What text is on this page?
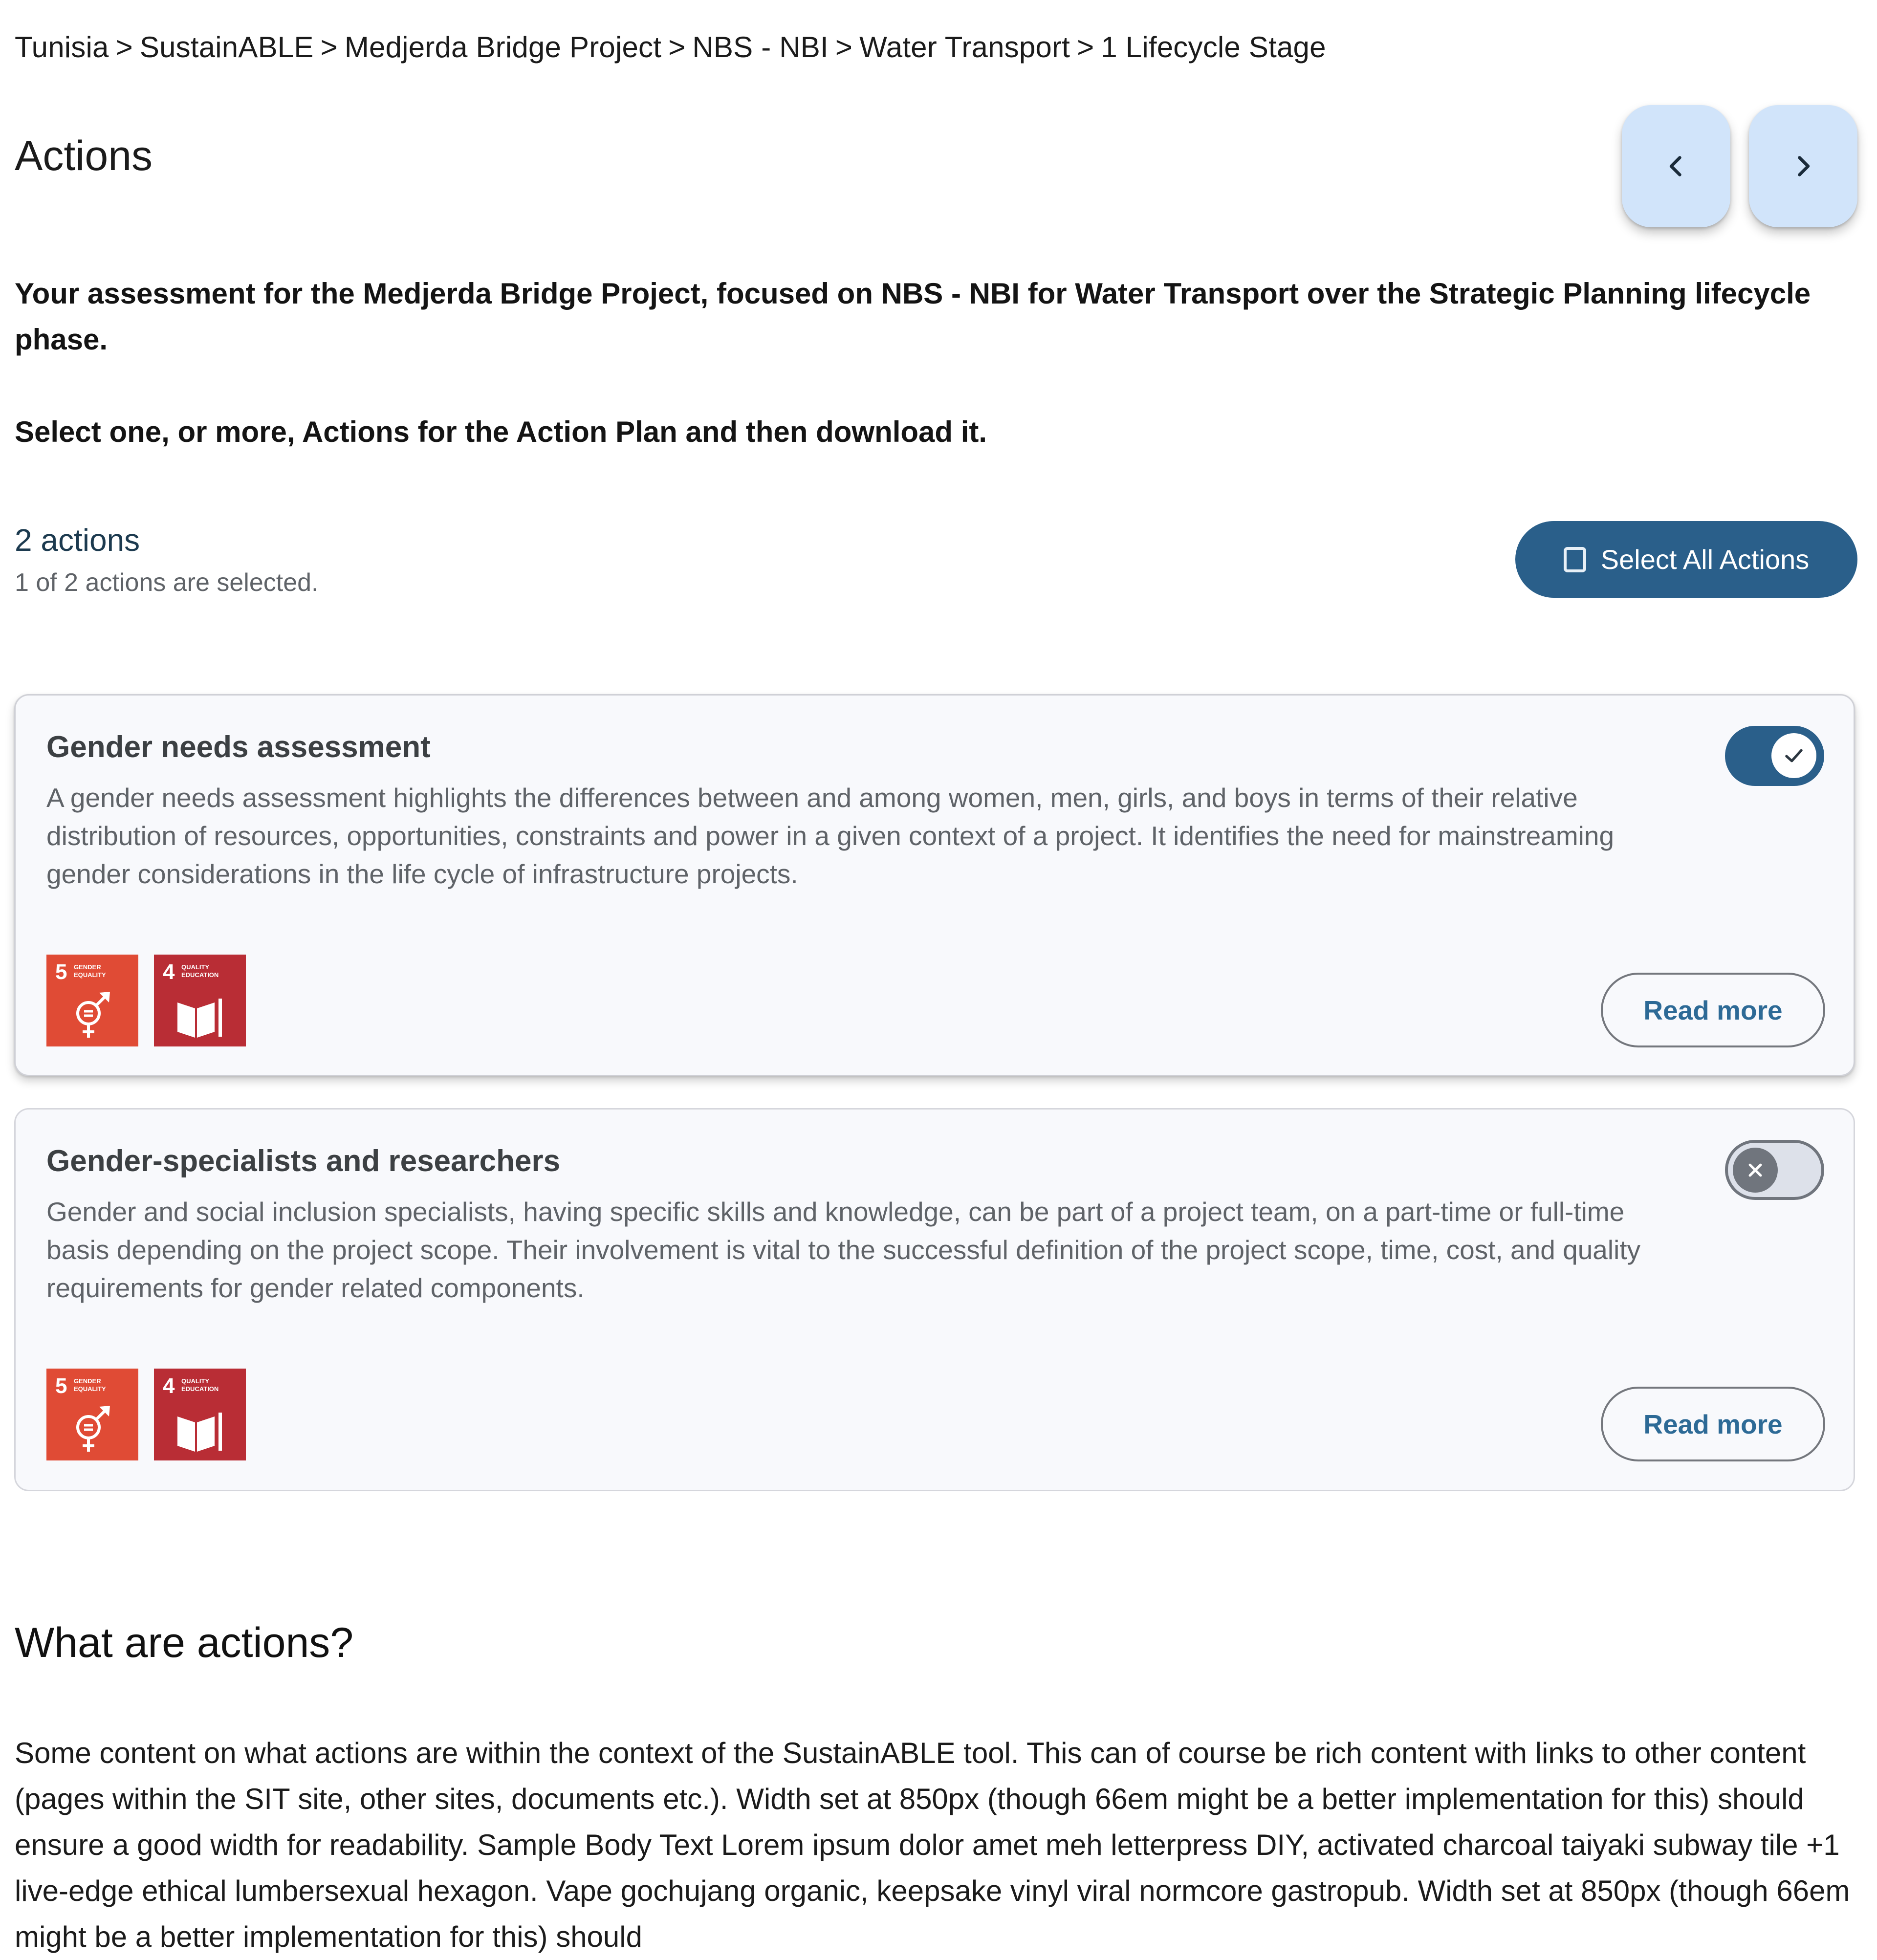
Tunisia > SustainABLE > Medjerda Bridge Project > NBS - NBI > Water Transport > 1 Lifecycle Stage
Actions

Your assessment for the Medjerda Bridge Project, focused on NBS - NBI for Water Transport over the Strategic Planning lifecycle phase.

Select one, or more, Actions for the Action Plan and then download it.

2 actions
1 of 2 actions are selected.
Select All Actions
Gender needs assessment

A gender needs assessment highlights the differences between and among women, men, girls, and boys in terms of their relative distribution of resources, opportunities, constraints and power in a given context of a project. It identifies the need for mainstreaming gender considerations in the life cycle of infrastructure projects.

5 GENDER EQUALITY	4 QUALITY EDUCATION
Read more
Gender-specialists and researchers

Gender and social inclusion specialists, having specific skills and knowledge, can be part of a project team, on a part-time or full-time basis depending on the project scope. Their involvement is vital to the successful definition of the project scope, time, cost, and quality requirements for gender related components.

5 GENDER EQUALITY	4 QUALITY EDUCATION
Read more
What are actions?

Some content on what actions are within the context of the SustainABLE tool. This can of course be rich content with links to other content (pages within the SIT site, other sites, documents etc.). Width set at 850px (though 66em might be a better implementation for this) should ensure a good width for readability. Sample Body Text Lorem ipsum dolor amet meh letterpress DIY, activated charcoal taiyaki subway tile +1 live-edge ethical lumbersexual hexagon. Vape gochujang organic, keepsake vinyl viral normcore gastropub. Width set at 850px (though 66em might be a better implementation for this) should
